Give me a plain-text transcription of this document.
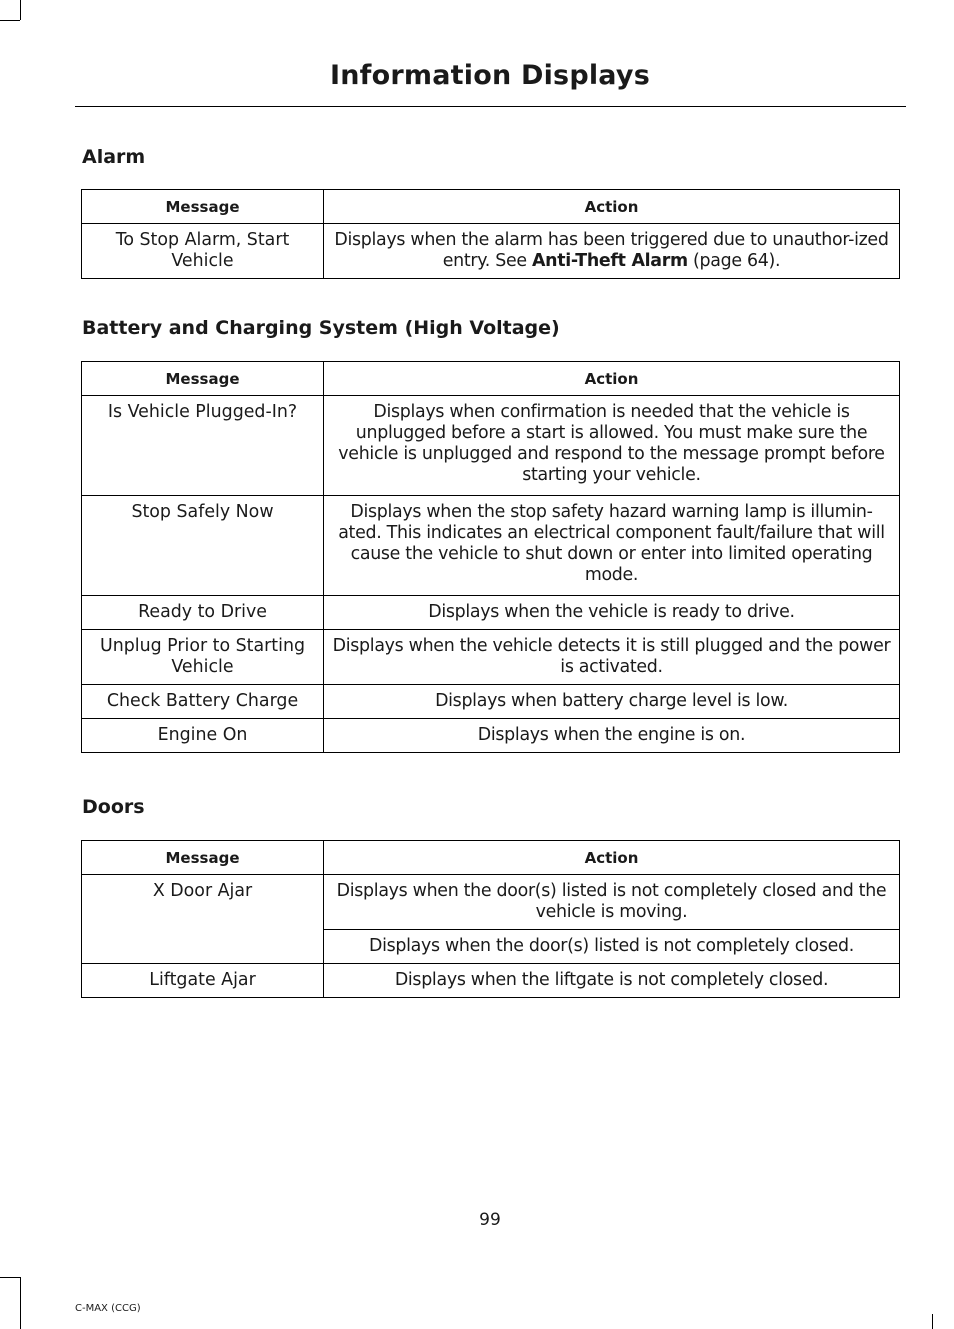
Information Displays
Alarm
Message	Action
To Stop Alarm, Start Vehicle	Displays when the alarm has been triggered due to unauthor-ized entry. See Anti-Theft Alarm (page 64).
Battery and Charging System (High Voltage)
Message	Action
Is Vehicle Plugged-In?	Displays when confirmation is needed that the vehicle is unplugged before a start is allowed. You must make sure the vehicle is unplugged and respond to the message prompt before starting your vehicle.
Stop Safely Now	Displays when the stop safety hazard warning lamp is illumin-ated. This indicates an electrical component fault/failure that will cause the vehicle to shut down or enter into limited operating mode.
Ready to Drive	Displays when the vehicle is ready to drive.
Unplug Prior to Starting Vehicle	Displays when the vehicle detects it is still plugged and the power is activated.
Check Battery Charge	Displays when battery charge level is low.
Engine On	Displays when the engine is on.
Doors
Message	Action
X Door Ajar	Displays when the door(s) listed is not completely closed and the vehicle is moving.
	Displays when the door(s) listed is not completely closed.
Liftgate Ajar	Displays when the liftgate is not completely closed.
99
C-MAX (CCG)
